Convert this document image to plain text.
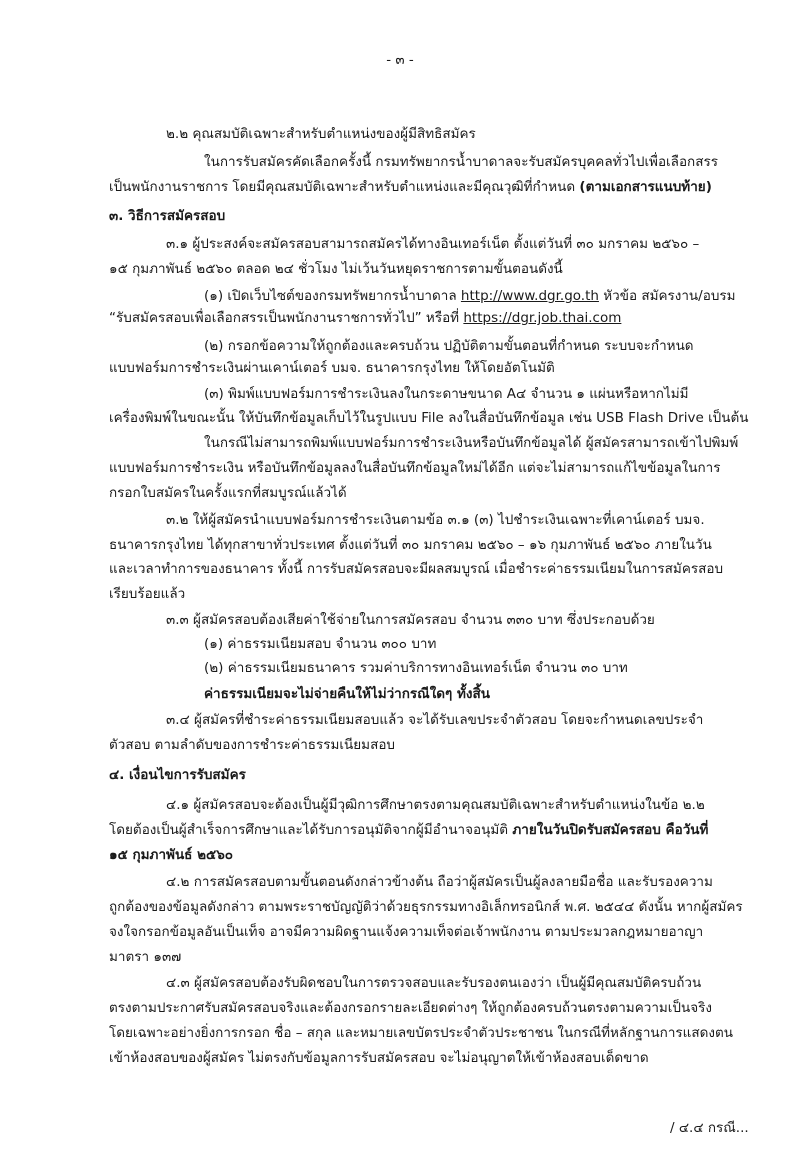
- ๓ -
๒.๒ คุณสมบัติเฉพาะสำหรับตำแหน่งของผู้มีสิทธิสมัคร
ในการรับสมัครคัดเลือกครั้งนี้ กรมทรัพยากรน้ำบาดาลจะรับสมัครบุคคลทั่วไปเพื่อเลือกสรร
เป็นพนักงานราชการ โดยมีคุณสมบัติเฉพาะสำหรับตำแหน่งและมีคุณวุฒิที่กำหนด (ตามเอกสารแนบท้าย)
๓. วิธีการสมัครสอบ
๓.๑ ผู้ประสงค์จะสมัครสอบสามารถสมัครได้ทางอินเทอร์เน็ต ตั้งแต่วันที่ ๓๐ มกราคม ๒๕๖๐ –
๑๕ กุมภาพันธ์ ๒๕๖๐ ตลอด ๒๔ ชั่วโมง ไม่เว้นวันหยุดราชการตามขั้นตอนดังนี้
(๑) เปิดเว็บไซต์ของกรมทรัพยากรน้ำบาดาล http://www.dgr.go.th หัวข้อ สมัครงาน/อบรม
“รับสมัครสอบเพื่อเลือกสรรเป็นพนักงานราชการทั่วไป” หรือที่ https://dgr.job.thai.com
(๒) กรอกข้อความให้ถูกต้องและครบถ้วน ปฏิบัติตามขั้นตอนที่กำหนด ระบบจะกำหนด
แบบฟอร์มการชำระเงินผ่านเคาน์เตอร์ บมจ. ธนาคารกรุงไทย ให้โดยอัตโนมัติ
(๓) พิมพ์แบบฟอร์มการชำระเงินลงในกระดาษขนาด A๔ จำนวน ๑ แผ่นหรือหากไม่มี
เครื่องพิมพ์ในขณะนั้น ให้บันทึกข้อมูลเก็บไว้ในรูปแบบ File ลงในสื่อบันทึกข้อมูล เช่น USB Flash Drive เป็นต้น
ในกรณีไม่สามารถพิมพ์แบบฟอร์มการชำระเงินหรือบันทึกข้อมูลได้ ผู้สมัครสามารถเข้าไปพิมพ์
แบบฟอร์มการชำระเงิน หรือบันทึกข้อมูลลงในสื่อบันทึกข้อมูลใหม่ได้อีก แต่จะไม่สามารถแก้ไขข้อมูลในการ
กรอกใบสมัครในครั้งแรกที่สมบูรณ์แล้วได้
๓.๒ ให้ผู้สมัครนำแบบฟอร์มการชำระเงินตามข้อ ๓.๑ (๓) ไปชำระเงินเฉพาะที่เคาน์เตอร์ บมจ.
ธนาคารกรุงไทย ได้ทุกสาขาทั่วประเทศ ตั้งแต่วันที่ ๓๐ มกราคม ๒๕๖๐ – ๑๖ กุมภาพันธ์ ๒๕๖๐ ภายในวัน
และเวลาทำการของธนาคาร ทั้งนี้ การรับสมัครสอบจะมีผลสมบูรณ์ เมื่อชำระค่าธรรมเนียมในการสมัครสอบ
เรียบร้อยแล้ว
๓.๓ ผู้สมัครสอบต้องเสียค่าใช้จ่ายในการสมัครสอบ จำนวน ๓๓๐ บาท ซึ่งประกอบด้วย
(๑) ค่าธรรมเนียมสอบ จำนวน ๓๐๐ บาท
(๒) ค่าธรรมเนียมธนาคาร รวมค่าบริการทางอินเทอร์เน็ต จำนวน ๓๐ บาท
ค่าธรรมเนียมจะไม่จ่ายคืนให้ไม่ว่ากรณีใดๆ ทั้งสิ้น
๓.๔ ผู้สมัครที่ชำระค่าธรรมเนียมสอบแล้ว จะได้รับเลขประจำตัวสอบ โดยจะกำหนดเลขประจำ
ตัวสอบ ตามลำดับของการชำระค่าธรรมเนียมสอบ
๔. เงื่อนไขการรับสมัคร
๔.๑ ผู้สมัครสอบจะต้องเป็นผู้มีวุฒิการศึกษาตรงตามคุณสมบัติเฉพาะสำหรับตำแหน่งในข้อ ๒.๒
โดยต้องเป็นผู้สำเร็จการศึกษาและได้รับการอนุมัติจากผู้มีอำนาจอนุมัติ ภายในวันปิดรับสมัครสอบ คือวันที่
๑๕ กุมภาพันธ์ ๒๕๖๐
๔.๒ การสมัครสอบตามขั้นตอนดังกล่าวข้างต้น ถือว่าผู้สมัครเป็นผู้ลงลายมือชื่อ และรับรองความ
ถูกต้องของข้อมูลดังกล่าว ตามพระราชบัญญัติว่าด้วยธุรกรรมทางอิเล็กทรอนิกส์ พ.ศ. ๒๕๔๔ ดังนั้น หากผู้สมัคร
จงใจกรอกข้อมูลอันเป็นเท็จ อาจมีความผิดฐานแจ้งความเท็จต่อเจ้าพนักงาน ตามประมวลกฎหมายอาญา
มาตรา ๑๓๗
๔.๓ ผู้สมัครสอบต้องรับผิดชอบในการตรวจสอบและรับรองตนเองว่า เป็นผู้มีคุณสมบัติครบถ้วน
ตรงตามประกาศรับสมัครสอบจริงและต้องกรอกรายละเอียดต่างๆ ให้ถูกต้องครบถ้วนตรงตามความเป็นจริง
โดยเฉพาะอย่างยิ่งการกรอก ชื่อ – สกุล และหมายเลขบัตรประจำตัวประชาชน ในกรณีที่หลักฐานการแสดงตน
เข้าห้องสอบของผู้สมัคร ไม่ตรงกับข้อมูลการรับสมัครสอบ จะไม่อนุญาตให้เข้าห้องสอบเด็ดขาด
/ ๔.๔ กรณี...
